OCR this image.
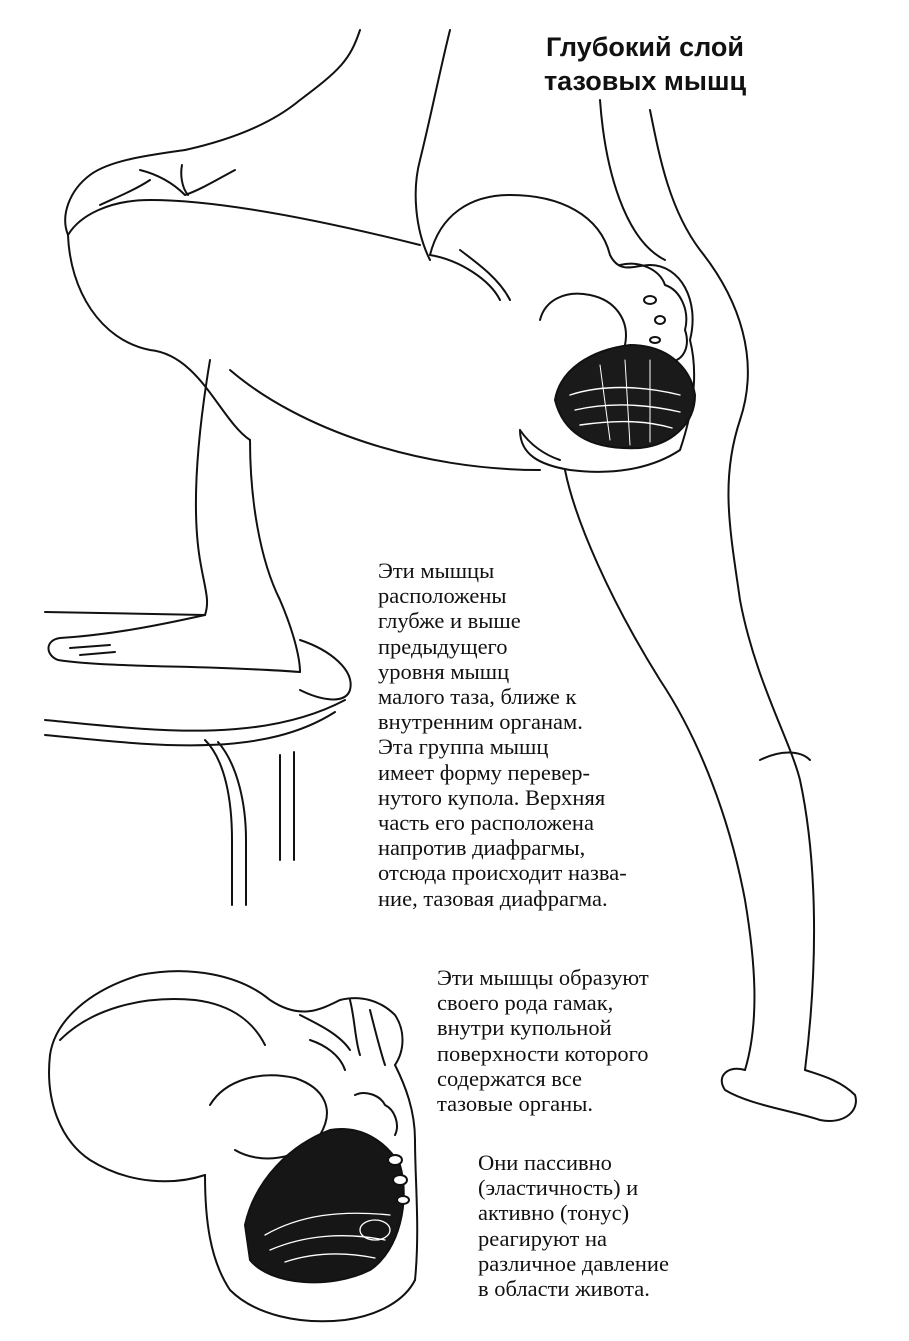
Глубокий слой
тазовых мышц
Эти мышцы
расположены
глубже и выше
предыдущего
уровня мышц
малого таза, ближе к
внутренним органам.
Эта группа мышц
имеет форму перевер-
нутого купола. Верхняя
часть его расположена
напротив диафрагмы,
отсюда происходит назва-
ние, тазовая диафрагма.
Эти мышцы образуют
своего рода гамак,
внутри купольной
поверхности которого
содержатся все
тазовые органы.
Они пассивно
(эластичность) и
активно (тонус)
реагируют на
различное давление
в области живота.
